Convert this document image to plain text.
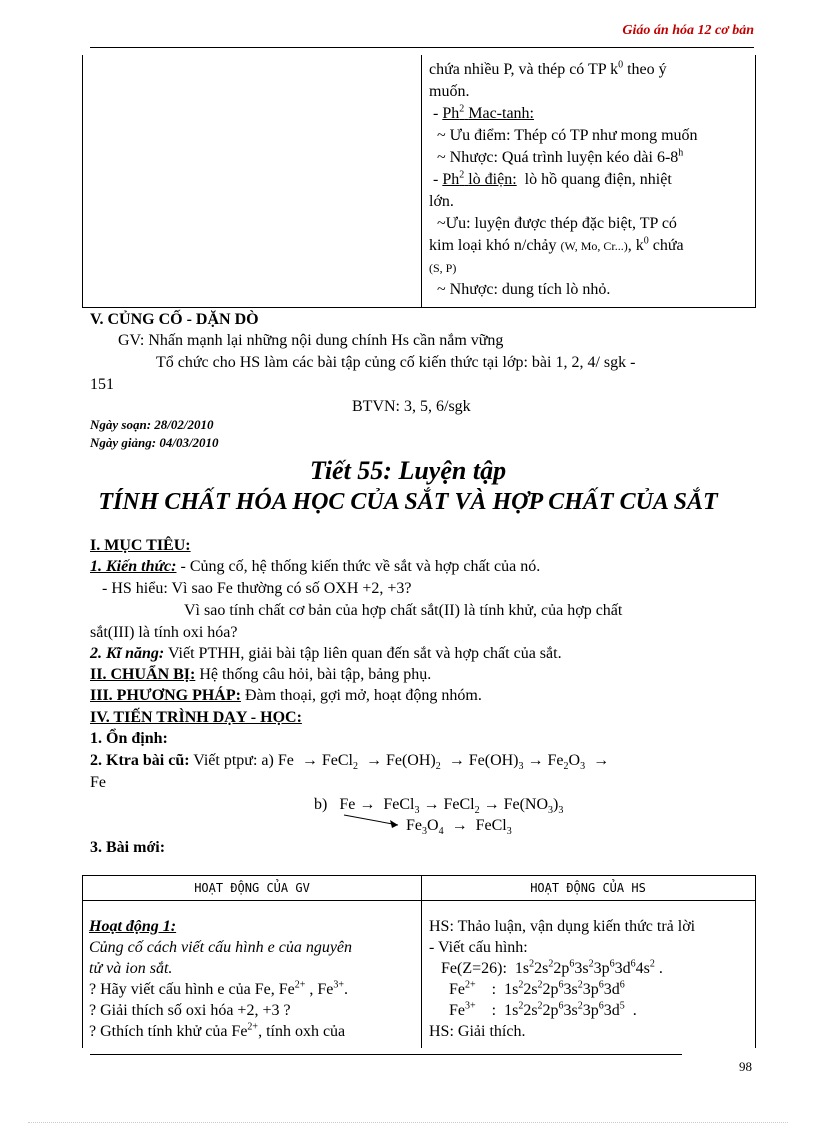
Giáo án hóa 12 cơ bản

chứa nhiều P, và thép có TP $k^0$ theo ý

muốn.

- Ph$^2$ Mac-tanh:

~ Ưu điểm: Thép có TP như mong muốn

~ Nhược: Quá trình luyện kéo dài 6-8$^h$

- Ph$^2$ lò điện: lò hồ quang điện, nhiệt

lớn.

~Ưu: luyện được thép đặc biệt, TP có

kim loại khó n/chảy (W, Mo, Cr...), $k^0$ chứa

(S, P)

~ Nhược: dung tích lò nhỏ.

V. CỦNG CỐ - DẶN DÒ
GV: Nhấn mạnh lại những nội dung chính Hs cần nắm vững
Tổ chức cho HS làm các bài tập củng cố kiến thức tại lớp: bài 1, 2, 4/ sgk -
151
BTVN: 3, 5, 6/sgk
Ngày soạn: 28/02/2010
Ngày giảng: 04/03/2010
Tiết 55: Luyện tập
TÍNH CHẤT HÓA HỌC CỦA SẮT VÀ HỢP CHẤT CỦA SẮT
I. MỤC TIÊU:
1. Kiến thức: - Củng cố, hệ thống kiến thức về sắt và hợp chất của nó.
- HS hiểu: Vì sao Fe thường có số OXH +2, +3?
Vì sao tính chất cơ bản của hợp chất sắt(II) là tính khử, của hợp chất
sắt(III) là tính oxi hóa?
2. Kĩ năng: Viết PTHH, giải bài tập liên quan đến sắt và hợp chất của sắt.
II. CHUẨN BỊ: Hệ thống câu hỏi, bài tập, bảng phụ.
III. PHƯƠNG PHÁP: Đàm thoại, gợi mở, hoạt động nhóm.
IV. TIẾN TRÌNH DẠY - HỌC:
1. Ổn định:
2. Ktra bài cũ: Viết ptpư: a) Fe  → FeCl$_2$  → $Fe(OH)_2 \to Fe(OH)_3 \to Fe_2O_3$  →
Fe
b)   Fe →  FeCl$_3$ → FeCl$_2$ → $Fe(NO_3)_3$
$Fe_3O_4$  →  FeCl$_3$
3. Bài mới:
HOẠT ĐỘNG CỦA GV	HOẠT ĐỘNG CỦA HS

Hoạt động 1:

Củng cố cách viết cấu hình e của nguyên

tử và ion sắt.

? Hãy viết cấu hình e của Fe, $Fe^{2+}$ , $Fe^{3+}$.

? Giải thích số oxi hóa +2, +3 ?

? Gthích tính khử của $Fe^{2+}$, tính oxh của

HS: Thảo luận, vận dụng kiến thức trả lời

- Viết cấu hình:

Fe(Z=26):  $1s^22s^22p^63s^23p^63d^64s^2$ .

$Fe^{2+}$    :  $1s^22s^22p^63s^23p^63d^6$

$Fe^{3+}$    :  $1s^22s^22p^63s^23p^63d^5$  .

HS: Giải thích.

98
